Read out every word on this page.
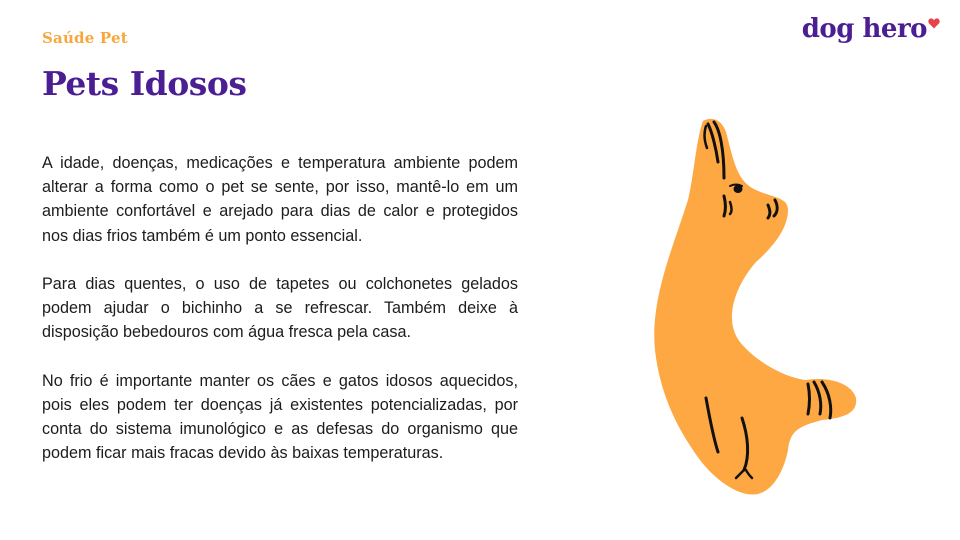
Saúde Pet
Pets Idosos
dog hero

A idade, doenças, medicações e temperatura ambiente podem alterar a forma como o pet se sente, por isso, mantê-lo em um ambiente confortável e arejado para dias de calor e protegidos nos dias frios também é um ponto essencial.

Para dias quentes, o uso de tapetes ou colchonetes gelados podem ajudar o bichinho a se refrescar. Também deixe à disposição bebedouros com água fresca pela casa.

No frio é importante manter os cães e gatos idosos aquecidos, pois eles podem ter doenças já existentes potencializadas, por conta do sistema imunológico e as defesas do organismo que podem ficar mais fracas devido às baixas temperaturas.
